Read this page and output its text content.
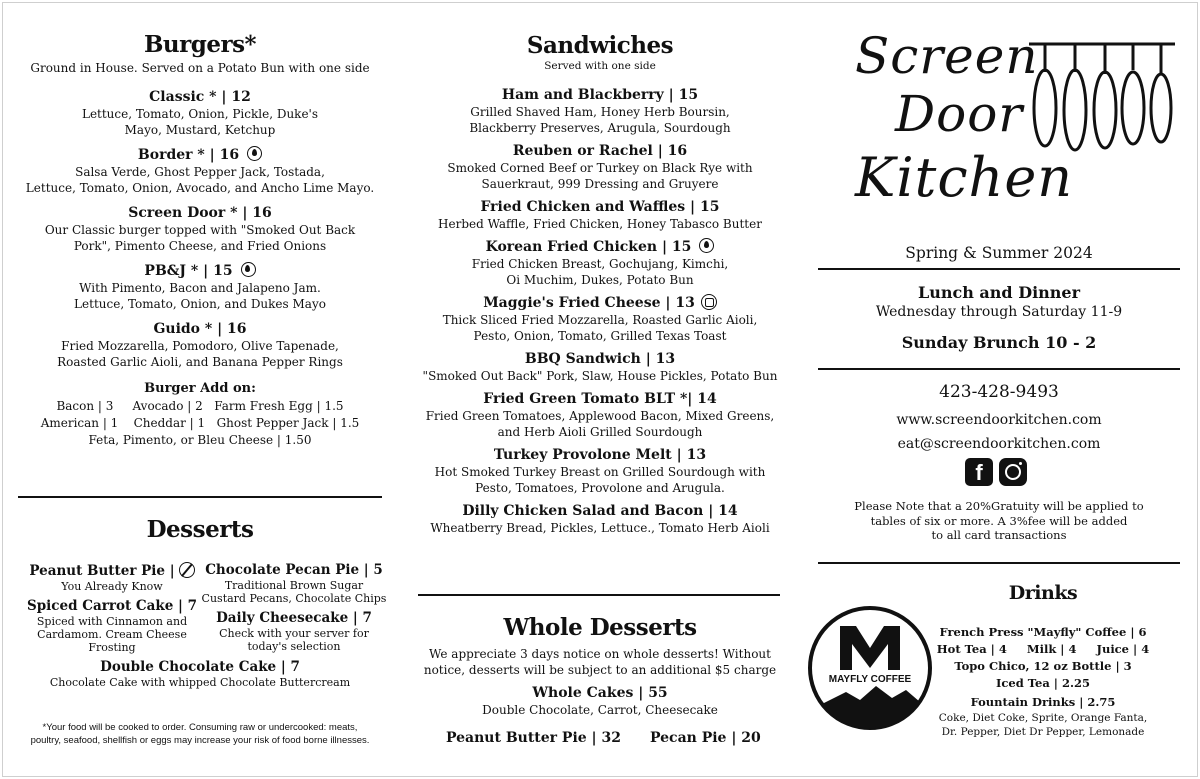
Burgers*
Ground in House. Served on a Potato Bun with one side
Classic * | 12
Lettuce, Tomato, Onion, Pickle, Duke's
Mayo, Mustard, Ketchup
Border * | 16
Salsa Verde, Ghost Pepper Jack, Tostada,
Lettuce, Tomato, Onion, Avocado, and Ancho Lime Mayo.
Screen Door * | 16
Our Classic burger topped with "Smoked Out Back
Pork", Pimento Cheese, and Fried Onions
PB&J * | 15
With Pimento, Bacon and Jalapeno Jam.
Lettuce, Tomato, Onion, and Dukes Mayo
Guido * | 16
Fried Mozzarella, Pomodoro, Olive Tapenade,
Roasted Garlic Aioli, and Banana Pepper Rings
Burger Add on:
Bacon | 3     Avocado | 2   Farm Fresh Egg | 1.5
American | 1    Cheddar | 1   Ghost Pepper Jack | 1.5
Feta, Pimento, or Bleu Cheese | 1.50
Desserts
Peanut Butter Pie |
You Already Know
Chocolate Pecan Pie | 5
Traditional Brown Sugar
Custard Pecans, Chocolate Chips
Spiced Carrot Cake | 7
Spiced with Cinnamon and
Cardamom. Cream Cheese
Frosting
Daily Cheesecake | 7
Check with your server for
today's selection
Double Chocolate Cake | 7
Chocolate Cake with whipped Chocolate Buttercream
*Your food will be cooked to order. Consuming raw or undercooked: meats,
poultry, seafood, shellfish or eggs may increase your risk of food borne illnesses.
Sandwiches
Served with one side
Ham and Blackberry | 15
Grilled Shaved Ham, Honey Herb Boursin,
Blackberry Preserves, Arugula, Sourdough
Reuben or Rachel | 16
Smoked Corned Beef or Turkey on Black Rye with
Sauerkraut, 999 Dressing and Gruyere
Fried Chicken and Waffles | 15
Herbed Waffle, Fried Chicken, Honey Tabasco Butter
Korean Fried Chicken | 15
Fried Chicken Breast, Gochujang, Kimchi,
Oi Muchim, Dukes, Potato Bun
Maggie's Fried Cheese | 13
Thick Sliced Fried Mozzarella, Roasted Garlic Aioli,
Pesto, Onion, Tomato, Grilled Texas Toast
BBQ Sandwich | 13
"Smoked Out Back" Pork, Slaw, House Pickles, Potato Bun
Fried Green Tomato BLT *| 14
Fried Green Tomatoes, Applewood Bacon, Mixed Greens,
and Herb Aioli Grilled Sourdough
Turkey Provolone Melt | 13
Hot Smoked Turkey Breast on Grilled Sourdough with
Pesto, Tomatoes, Provolone and Arugula.
Dilly Chicken Salad and Bacon | 14
Wheatberry Bread, Pickles, Lettuce., Tomato Herb Aioli
Whole Desserts
We appreciate 3 days notice on whole desserts! Without
notice, desserts will be subject to an additional $5 charge
Whole Cakes | 55
Double Chocolate, Carrot, Cheesecake
Peanut Butter Pie | 32 Pecan Pie | 20
Screen
Door
Kitchen
Spring & Summer 2024
Lunch and Dinner
Wednesday through Saturday 11-9
Sunday Brunch 10 - 2
423-428-9493
www.screendoorkitchen.com
eat@screendoorkitchen.com
f
Please Note that a 20%Gratuity will be applied to
tables of six or more. A 3%fee will be added
to all card transactions
MAYFLY COFFEE
Drinks
French Press "Mayfly" Coffee | 6
Hot Tea | 4     Milk | 4     Juice | 4
Topo Chico, 12 oz Bottle | 3
Iced Tea | 2.25
Fountain Drinks | 2.75
Coke, Diet Coke, Sprite, Orange Fanta,
Dr. Pepper, Diet Dr Pepper, Lemonade
